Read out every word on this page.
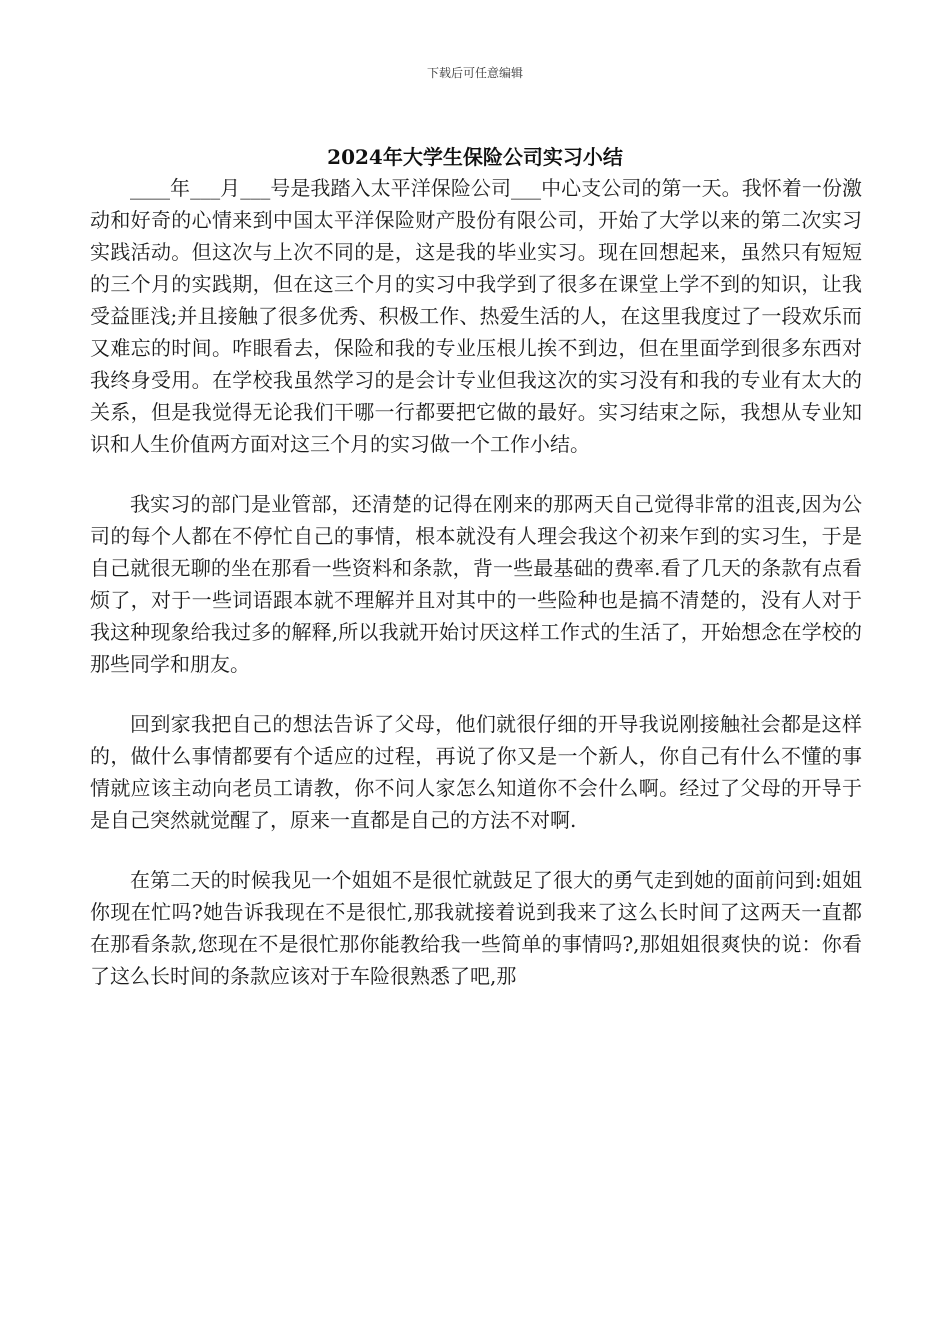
下载后可任意编辑
2024年大学生保险公司实习小结

____年___月___号是我踏入太平洋保险公司___中心支公司的第一天。我怀着一份激动和好奇的心情来到中国太平洋保险财产股份有限公司，开始了大学以来的第二次实习实践活动。但这次与上次不同的是，这是我的毕业实习。现在回想起来，虽然只有短短的三个月的实践期，但在这三个月的实习中我学到了很多在课堂上学不到的知识，让我受益匪浅;并且接触了很多优秀、积极工作、热爱生活的人，在这里我度过了一段欢乐而又难忘的时间。咋眼看去，保险和我的专业压根儿挨不到边，但在里面学到很多东西对我终身受用。在学校我虽然学习的是会计专业但我这次的实习没有和我的专业有太大的关系，但是我觉得无论我们干哪一行都要把它做的最好。实习结束之际，我想从专业知识和人生价值两方面对这三个月的实习做一个工作小结。

我实习的部门是业管部，还清楚的记得在刚来的那两天自己觉得非常的沮丧,因为公司的每个人都在不停忙自己的事情，根本就没有人理会我这个初来乍到的实习生，于是自己就很无聊的坐在那看一些资料和条款，背一些最基础的费率.看了几天的条款有点看烦了，对于一些词语跟本就不理解并且对其中的一些险种也是搞不清楚的，没有人对于我这种现象给我过多的解释,所以我就开始讨厌这样工作式的生活了，开始想念在学校的那些同学和朋友。

回到家我把自己的想法告诉了父母，他们就很仔细的开导我说刚接触社会都是这样的，做什么事情都要有个适应的过程，再说了你又是一个新人，你自己有什么不懂的事情就应该主动向老员工请教，你不问人家怎么知道你不会什么啊。经过了父母的开导于是自己突然就觉醒了，原来一直都是自己的方法不对啊.

在第二天的时候我见一个姐姐不是很忙就鼓足了很大的勇气走到她的面前问到:姐姐你现在忙吗?她告诉我现在不是很忙,那我就接着说到我来了这么长时间了这两天一直都在那看条款,您现在不是很忙那你能教给我一些简单的事情吗?,那姐姐很爽快的说：你看了这么长时间的条款应该对于车险很熟悉了吧,那
